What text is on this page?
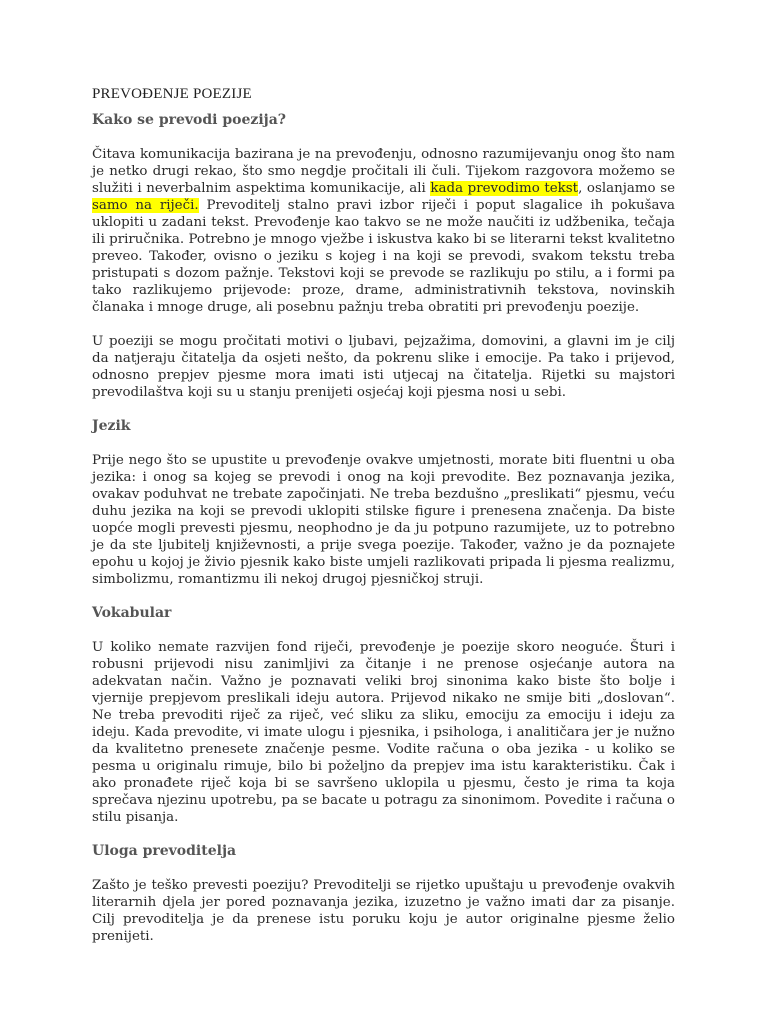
PREVOĐENJE POEZIJE
Kako se prevodi poezija?

Čitava komunikacija bazirana je na prevođenju, odnosno razumijevanju onog što nam je netko drugi rekao, što smo negdje pročitali ili čuli. Tijekom razgovora možemo se služiti i neverbalnim aspektima komunikacije, ali kada prevodimo tekst, oslanjamo se samo na riječi. Prevoditelj stalno pravi izbor riječi i poput slagalice ih pokušava uklopiti u zadani tekst. Prevođenje kao takvo se ne može naučiti iz udžbenika, tečaja ili priručnika. Potrebno je mnogo vježbe i iskustva kako bi se literarni tekst kvalitetno preveo. Također, ovisno o jeziku s kojeg i na koji se prevodi, svakom tekstu treba pristupati s dozom pažnje. Tekstovi koji se prevode se razlikuju po stilu, a i formi pa tako razlikujemo prijevode: proze, drame, administrativnih tekstova, novinskih članaka i mnoge druge, ali posebnu pažnju treba obratiti pri prevođenju poezije.

U poeziji se mogu pročitati motivi o ljubavi, pejzažima, domovini, a glavni im je cilj da natjeraju čitatelja da osjeti nešto, da pokrenu slike i emocije. Pa tako i prijevod, odnosno prepjev pjesme mora imati isti utjecaj na čitatelja. Rijetki su majstori prevodilaštva koji su u stanju prenijeti osjećaj koji pjesma nosi u sebi.

Jezik

Prije nego što se upustite u prevođenje ovakve umjetnosti, morate biti fluentni u oba jezika: i onog sa kojeg se prevodi i onog na koji prevodite. Bez poznavanja jezika, ovakav poduhvat ne trebate započinjati. Ne treba bezdušno „preslikati“ pjesmu, veću duhu jezika na koji se prevodi uklopiti stilske figure i prenesena značenja. Da biste uopće mogli prevesti pjesmu, neophodno je da ju potpuno razumijete, uz to potrebno je da ste ljubitelj književnosti, a prije svega poezije. Također, važno je da poznajete epohu u kojoj je živio pjesnik kako biste umjeli razlikovati pripada li pjesma realizmu, simbolizmu, romantizmu ili nekoj drugoj pjesničkoj struji.

Vokabular

U koliko nemate razvijen fond riječi, prevođenje je poezije skoro neoguće. Šturi i robusni prijevodi nisu zanimljivi za čitanje i ne prenose osjećanje autora na adekvatan način. Važno je poznavati veliki broj sinonima kako biste što bolje i vjernije prepjevom preslikali ideju autora. Prijevod nikako ne smije biti „doslovan“. Ne treba prevoditi riječ za riječ, već sliku za sliku, emociju za emociju i ideju za ideju. Kada prevodite, vi imate ulogu i pjesnika, i psihologa, i analitičara jer je nužno da kvalitetno prenesete značenje pesme. Vodite računa o oba jezika - u koliko se pesma u originalu rimuje, bilo bi poželjno da prepjev ima istu karakteristiku. Čak i ako pronađete riječ koja bi se savršeno uklopila u pjesmu, često je rima ta koja sprečava njezinu upotrebu, pa se bacate u potragu za sinonimom. Povedite i računa o stilu pisanja.

Uloga prevoditelja

Zašto je teško prevesti poeziju? Prevoditelji se rijetko upuštaju u prevođenje ovakvih literarnih djela jer pored poznavanja jezika, izuzetno je važno imati dar za pisanje. Cilj prevoditelja je da prenese istu poruku koju je autor originalne pjesme želio prenijeti.
